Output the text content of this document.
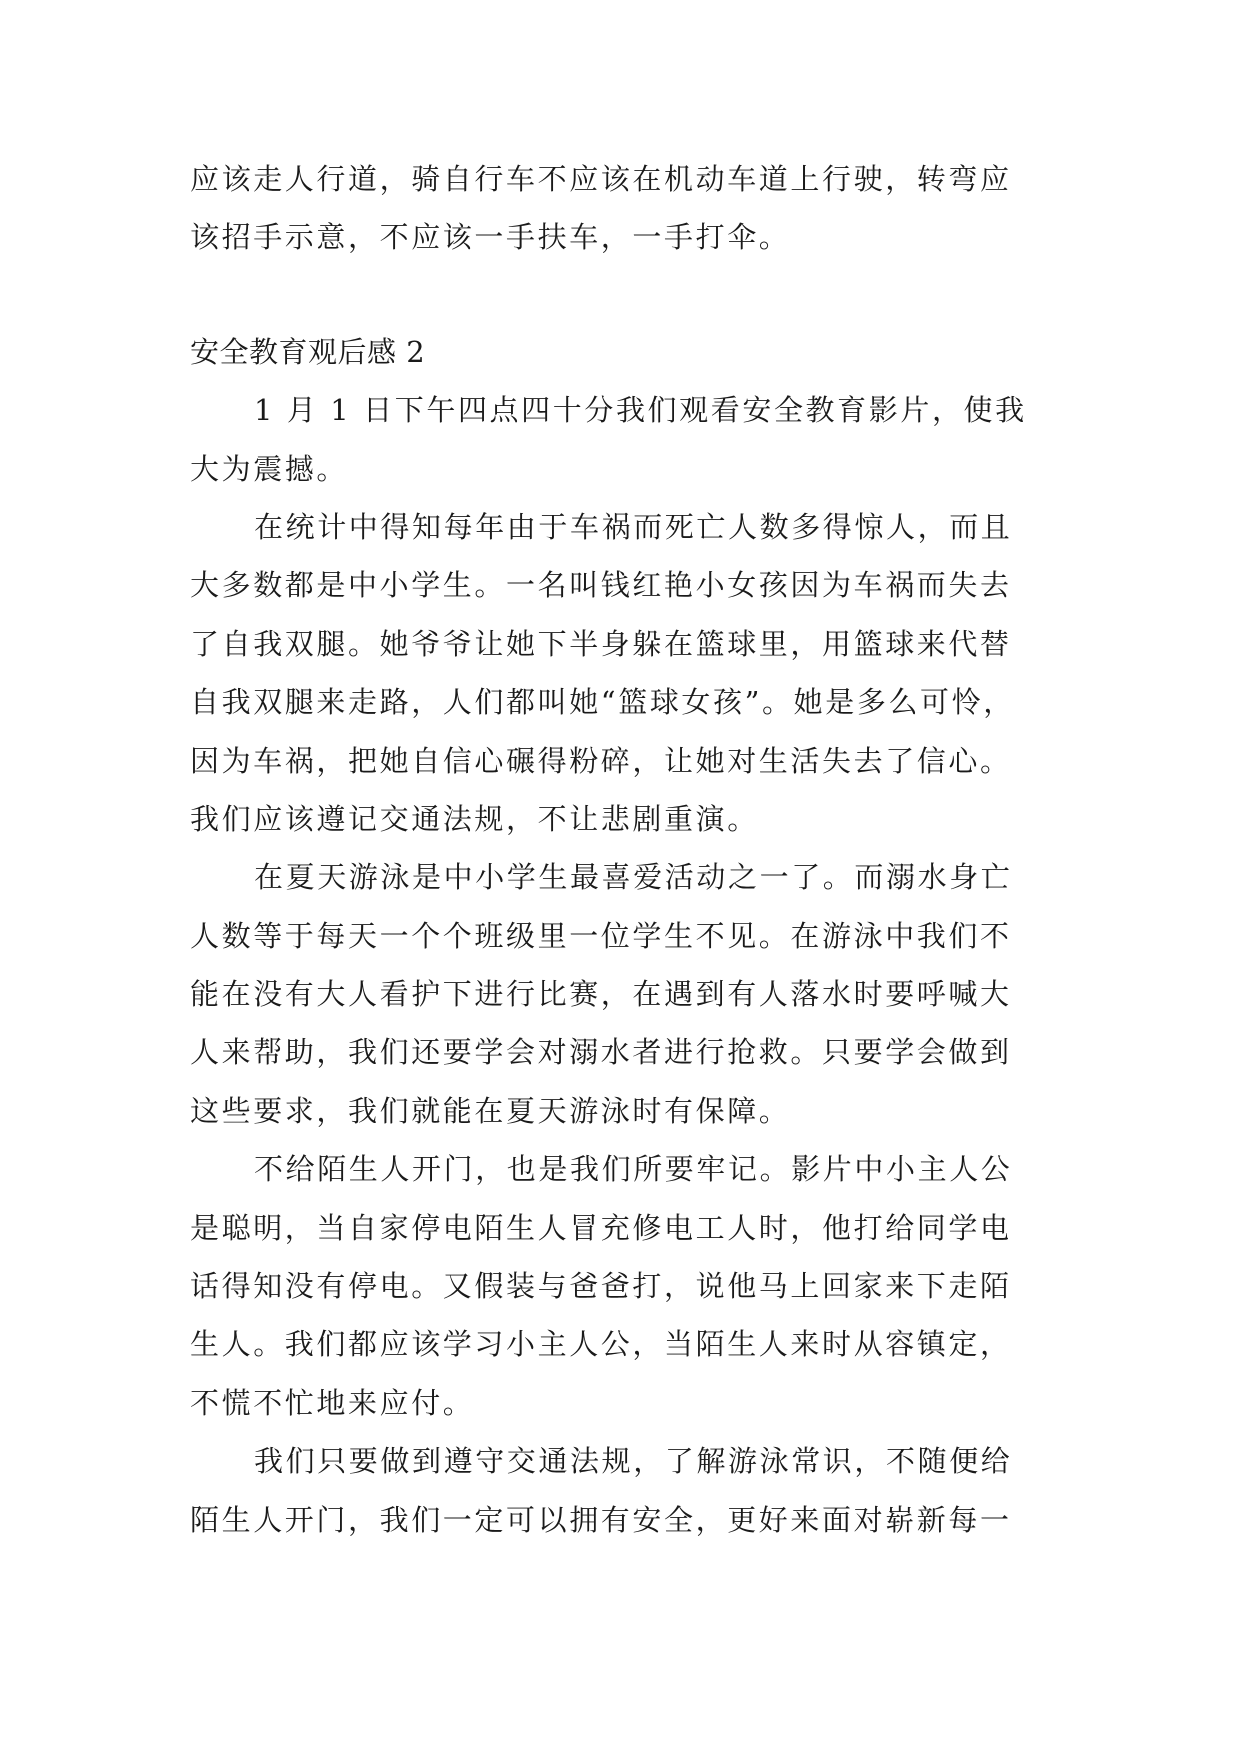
应该走人行道，骑自行车不应该在机动车道上行驶，转弯应
该招手示意，不应该一手扶车，一手打伞。
安全教育观后感 2
1 月 1 日下午四点四十分我们观看安全教育影片，使我
大为震撼。
在统计中得知每年由于车祸而死亡人数多得惊人，而且
大多数都是中小学生。一名叫钱红艳小女孩因为车祸而失去
了自我双腿。她爷爷让她下半身躲在篮球里，用篮球来代替
自我双腿来走路，人们都叫她“篮球女孩”。她是多么可怜，
因为车祸，把她自信心碾得粉碎，让她对生活失去了信心。
我们应该遵记交通法规，不让悲剧重演。
在夏天游泳是中小学生最喜爱活动之一了。而溺水身亡
人数等于每天一个个班级里一位学生不见。在游泳中我们不
能在没有大人看护下进行比赛，在遇到有人落水时要呼喊大
人来帮助，我们还要学会对溺水者进行抢救。只要学会做到
这些要求，我们就能在夏天游泳时有保障。
不给陌生人开门，也是我们所要牢记。影片中小主人公
是聪明，当自家停电陌生人冒充修电工人时，他打给同学电
话得知没有停电。又假装与爸爸打，说他马上回家来下走陌
生人。我们都应该学习小主人公，当陌生人来时从容镇定，
不慌不忙地来应付。
我们只要做到遵守交通法规，了解游泳常识，不随便给
陌生人开门，我们一定可以拥有安全，更好来面对崭新每一
